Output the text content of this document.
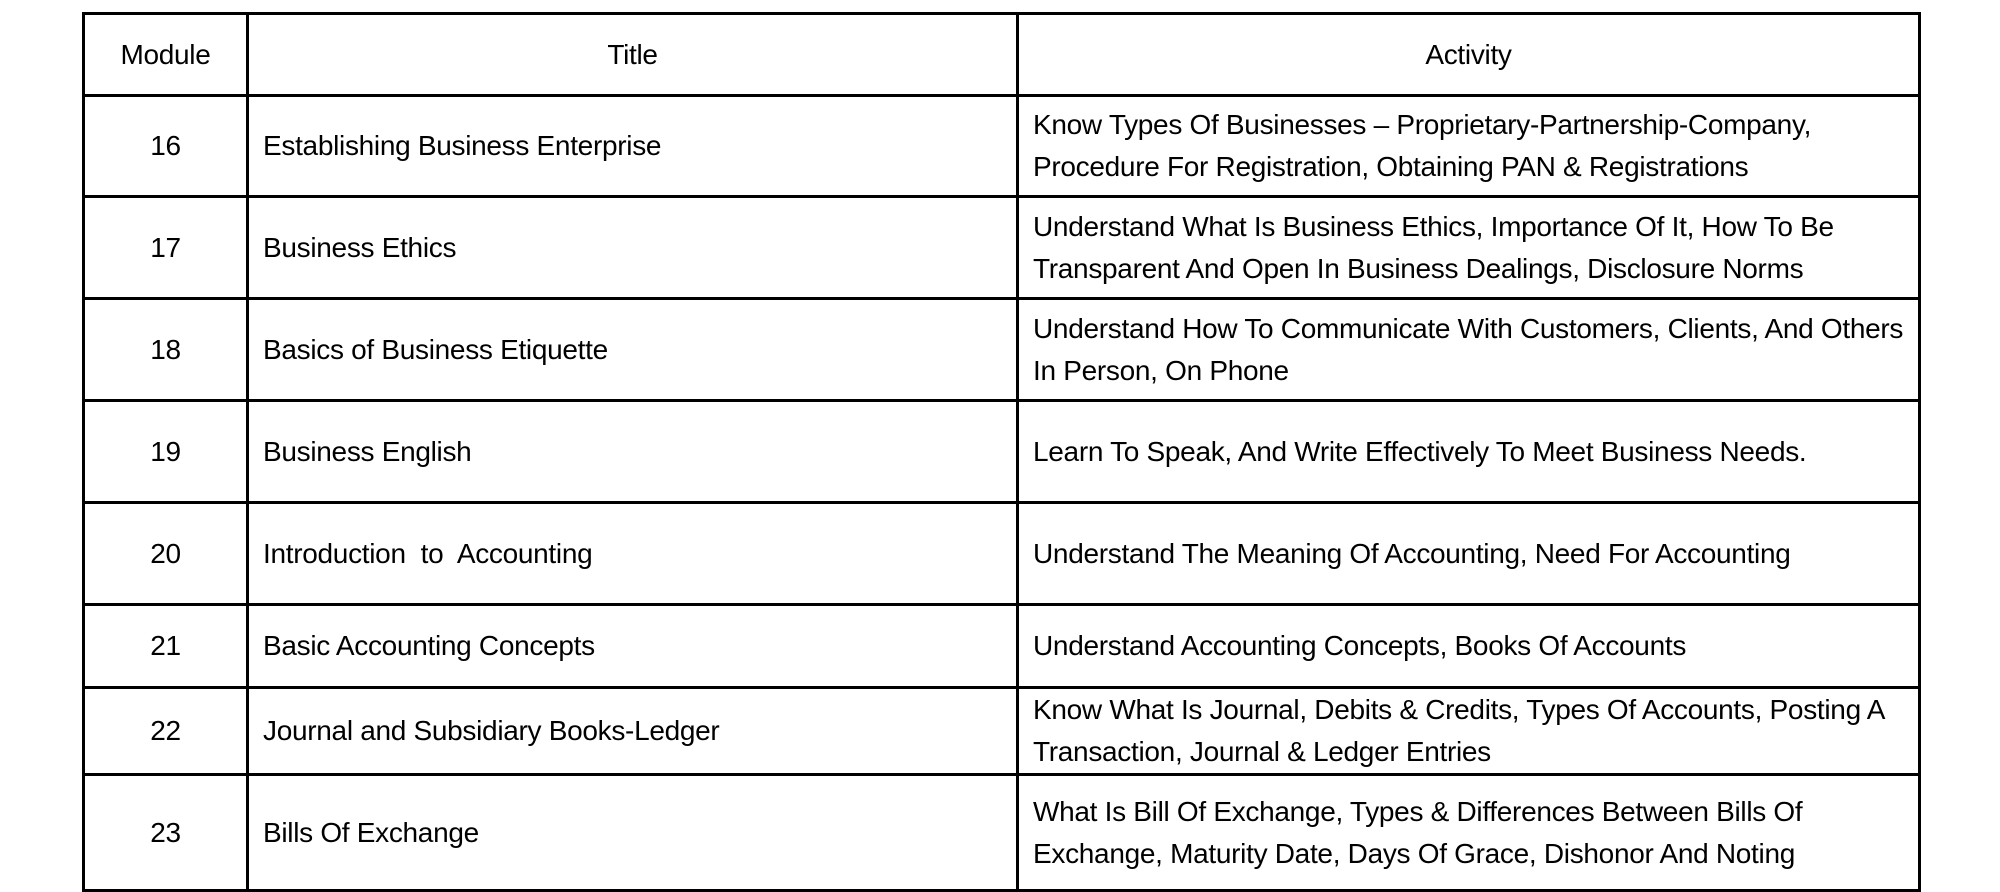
Module	Title	Activity
16	Establishing Business Enterprise	Know Types Of Businesses – Proprietary-Partnership-Company, Procedure For Registration, Obtaining PAN & Registrations
17	Business Ethics	Understand What Is Business Ethics, Importance Of It, How To Be Transparent And Open In Business Dealings, Disclosure Norms
18	Basics of Business Etiquette	Understand How To Communicate With Customers, Clients, And Others In Person, On Phone
19	Business English	Learn To Speak, And Write Effectively To Meet Business Needs.
20	Introduction  to  Accounting	Understand The Meaning Of Accounting, Need For Accounting
21	Basic Accounting Concepts	Understand Accounting Concepts, Books Of Accounts
22	Journal and Subsidiary Books-Ledger	Know What Is Journal, Debits & Credits, Types Of Accounts, Posting A Transaction, Journal & Ledger Entries
23	Bills Of Exchange	What Is Bill Of Exchange, Types & Differences Between Bills Of Exchange, Maturity Date, Days Of Grace, Dishonor And Noting
